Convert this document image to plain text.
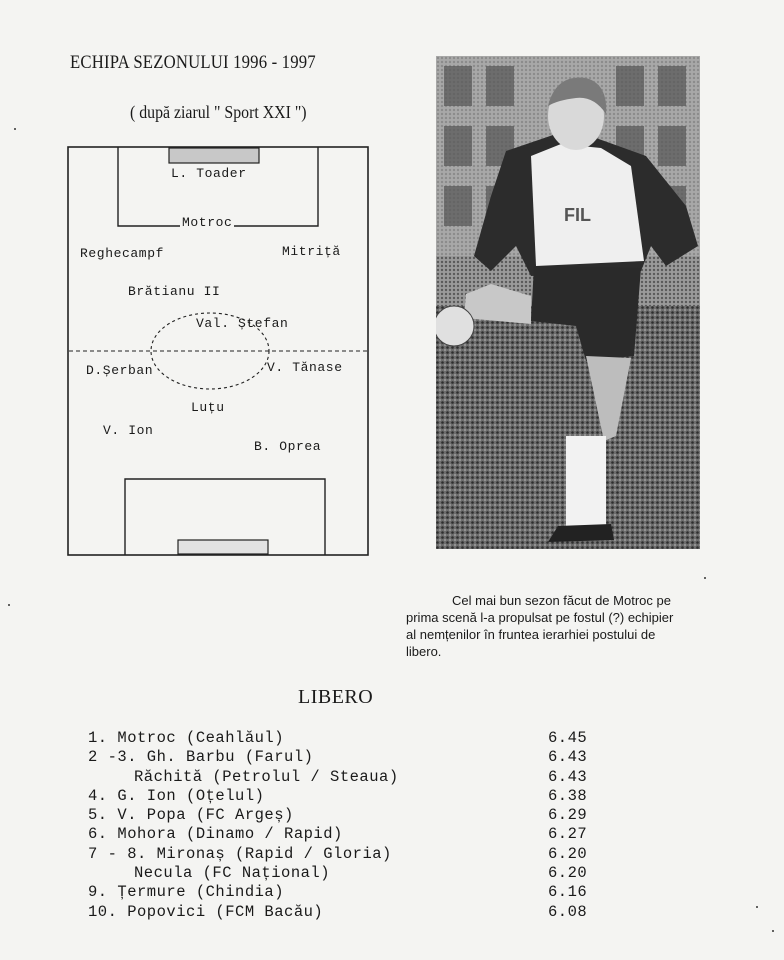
ECHIPA SEZONULUI 1996 - 1997
( după ziarul " Sport XXI ")
L. Toader
Motroc
Reghecampf	Mitriță
Brătianu II
Val. Ștefan
D.Șerban	V. Tănase
Luțu
V. Ion
B. Oprea
FIL
Cel mai bun sezon făcut de Motroc pe
prima scenă l-a propulsat pe fostul (?) echipier
al nemțenilor în fruntea ierarhiei postului de
libero.
LIBERO
1. Motroc (Ceahlăul)	6.45
2 -3. Gh. Barbu (Farul)	6.43
Răchită (Petrolul / Steaua)	6.43
4. G. Ion (Oțelul)	6.38
5. V. Popa (FC Argeș)	6.29
6. Mohora (Dinamo / Rapid)	6.27
7 - 8. Mironaș (Rapid / Gloria)	6.20
Necula (FC Național)	6.20
9. Țermure (Chindia)	6.16
10. Popovici (FCM Bacău)	6.08
